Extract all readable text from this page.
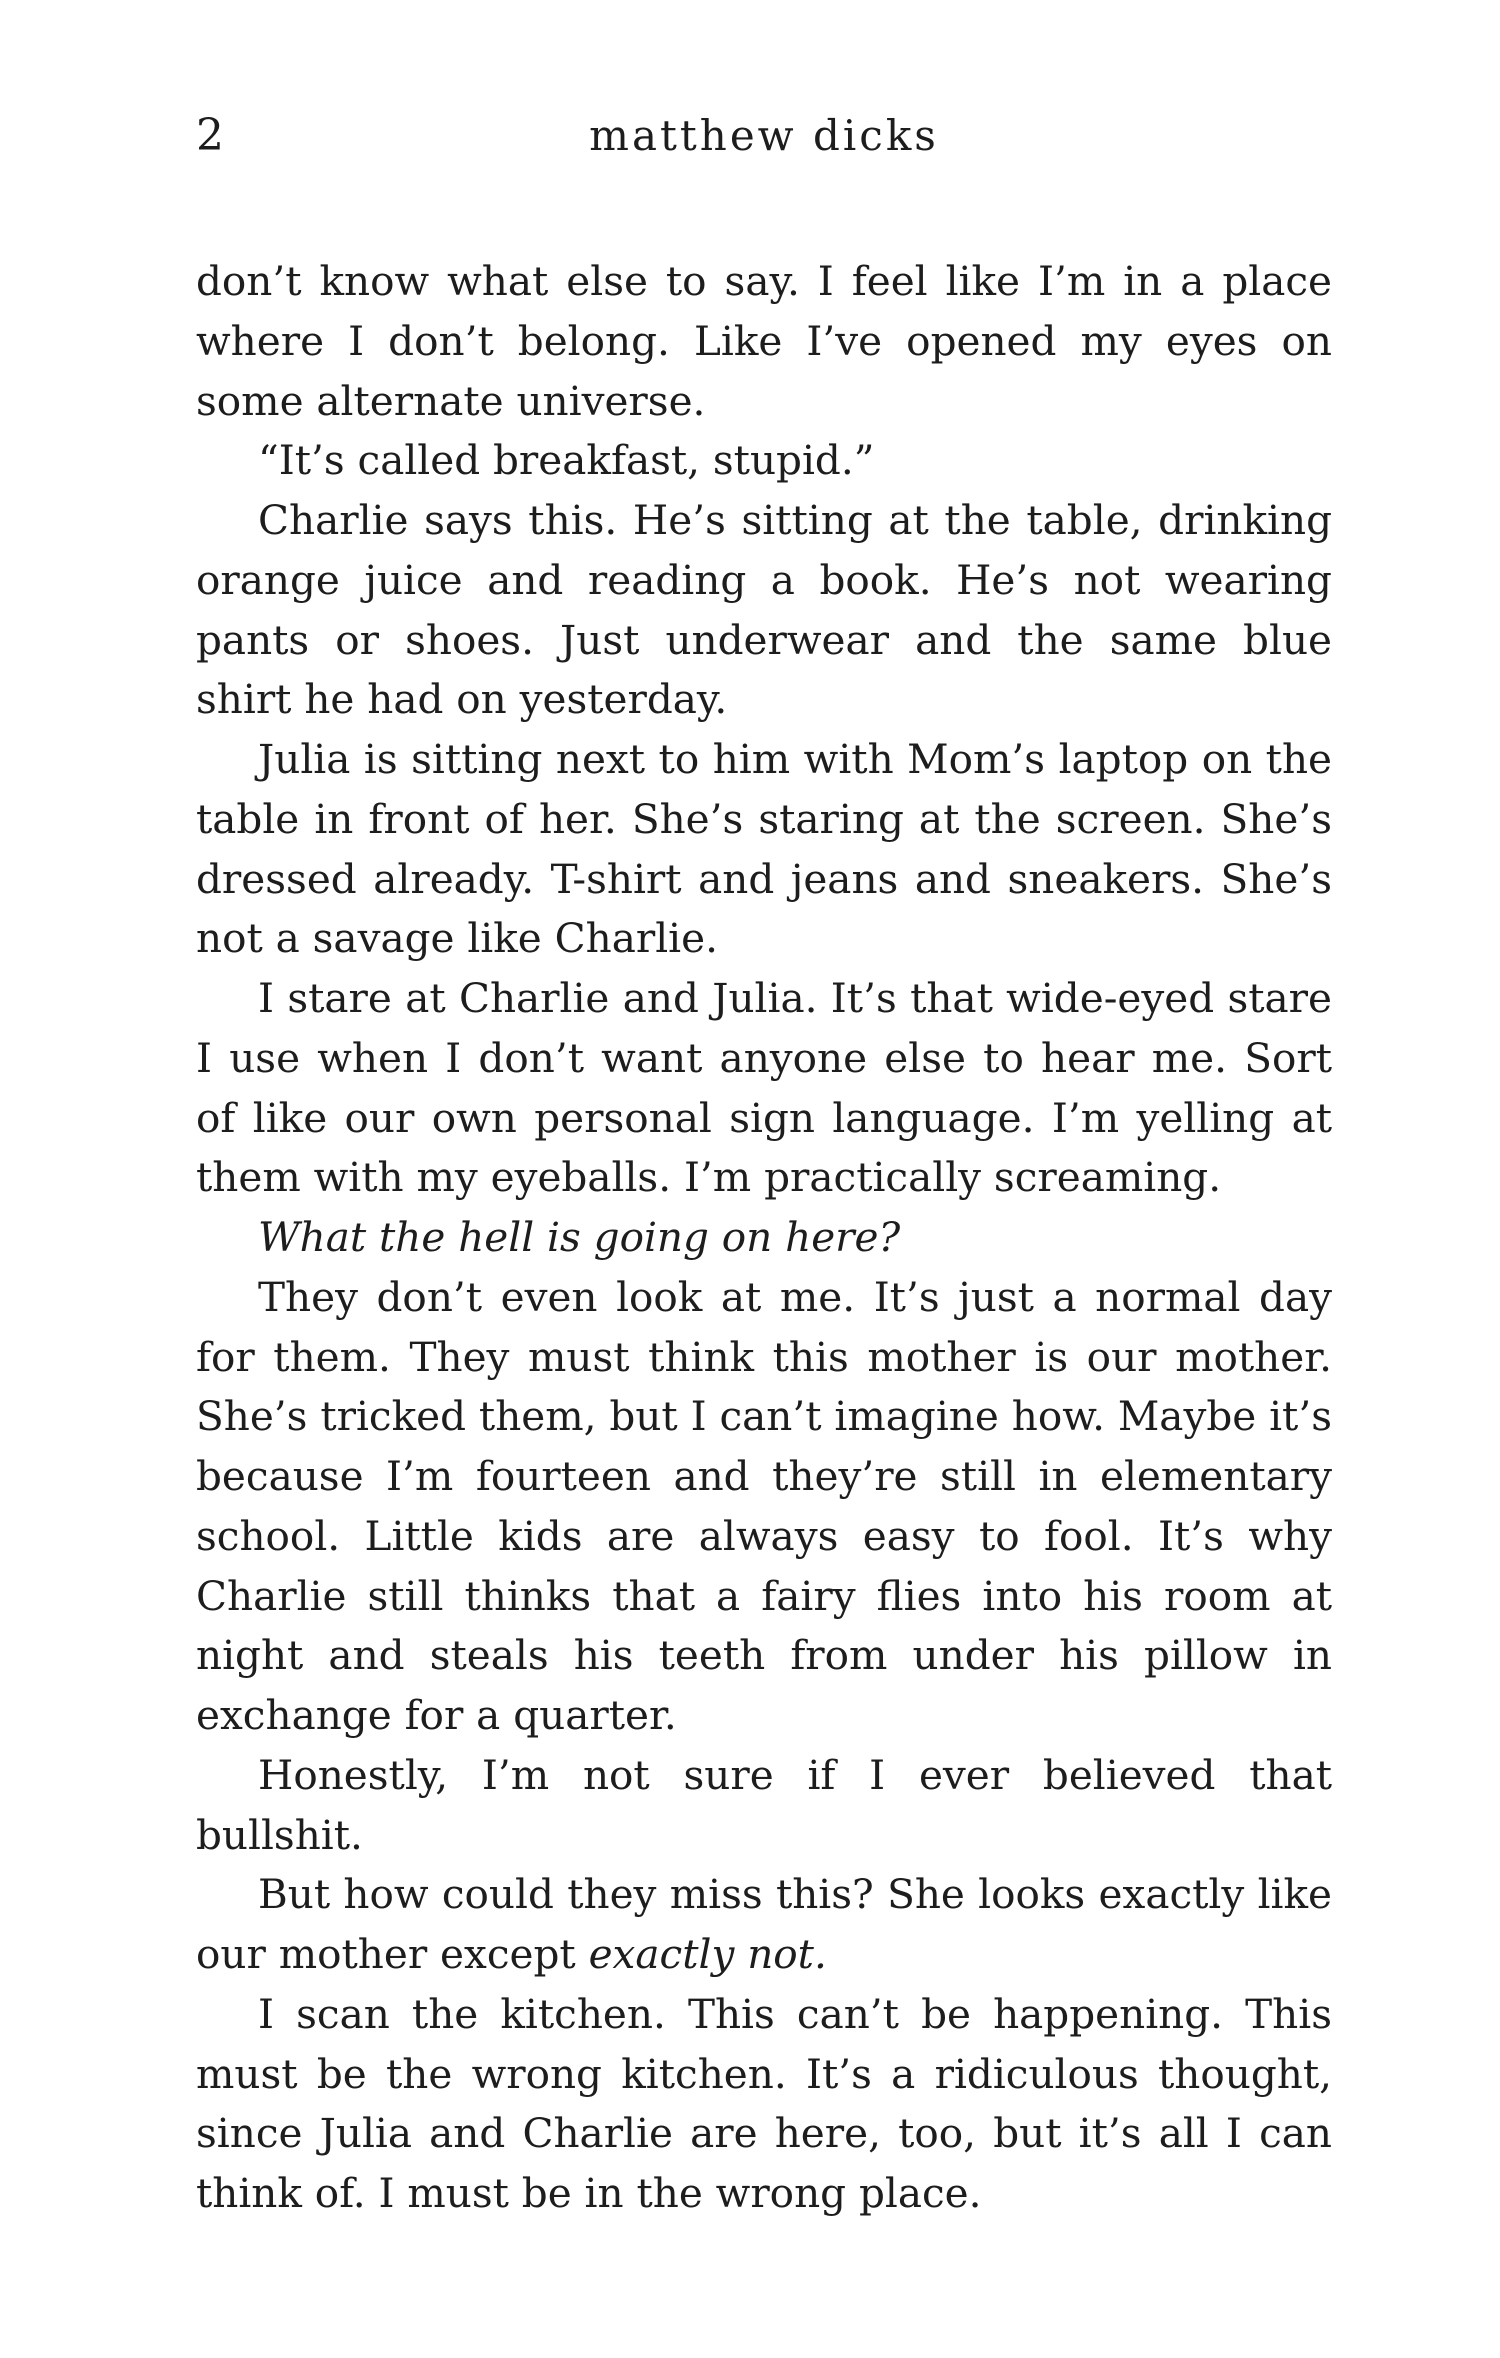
2	matthew dicks

don’t know what else to say. I feel like I’m in a place where I don’t belong. Like I’ve opened my eyes on some alternate universe.

“It’s called breakfast, stupid.”

Charlie says this. He’s sitting at the table, drinking orange juice and reading a book. He’s not wearing pants or shoes. Just underwear and the same blue shirt he had on yesterday.

Julia is sitting next to him with Mom’s laptop on the table in front of her. She’s staring at the screen. She’s dressed already. T-shirt and jeans and sneakers. She’s not a savage like Charlie.

I stare at Charlie and Julia. It’s that wide-eyed stare I use when I don’t want anyone else to hear me. Sort of like our own personal sign language. I’m yelling at them with my eyeballs. I’m practically screaming.

What the hell is going on here?

They don’t even look at me. It’s just a normal day for them. They must think this mother is our mother. She’s tricked them, but I can’t imagine how. Maybe it’s because I’m fourteen and they’re still in elementary school. Little kids are always easy to fool. It’s why Charlie still thinks that a fairy flies into his room at night and steals his teeth from under his pillow in exchange for a quarter.

Honestly, I’m not sure if I ever believed that bullshit.

But how could they miss this? She looks exactly like our mother except exactly not.

I scan the kitchen. This can’t be happening. This must be the wrong kitchen. It’s a ridiculous thought, since Julia and Charlie are here, too, but it’s all I can think of. I must be in the wrong place.
